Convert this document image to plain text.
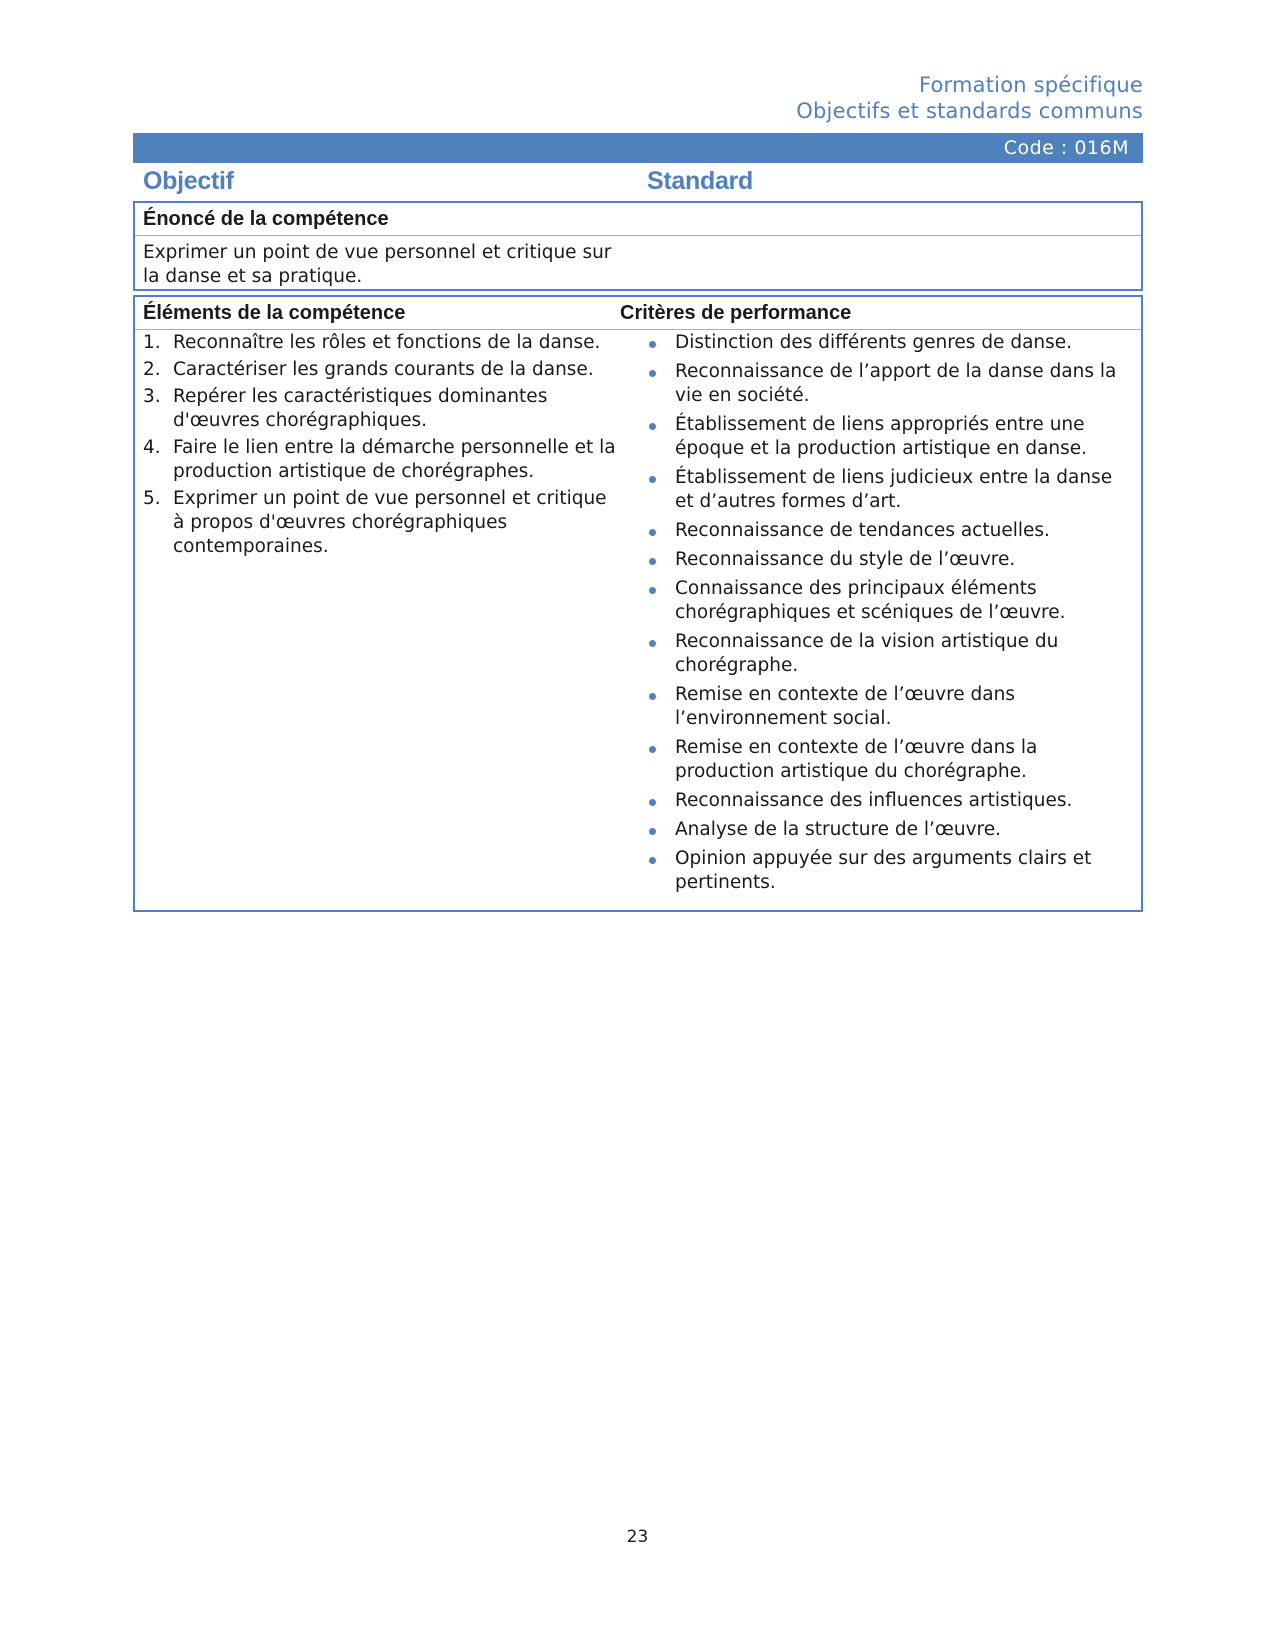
Formation spécifique
Objectifs et standards communs
Code : 016M
Objectif	Standard
Énoncé de la compétence
Exprimer un point de vue personnel et critique sur la danse et sa pratique.
Éléments de la compétence	Critères de performance
1. Reconnaître les rôles et fonctions de la danse.
2. Caractériser les grands courants de la danse.
3. Repérer les caractéristiques dominantes d'œuvres chorégraphiques.
4. Faire le lien entre la démarche personnelle et la production artistique de chorégraphes.
5. Exprimer un point de vue personnel et critique à propos d'œuvres chorégraphiques contemporaines.
Distinction des différents genres de danse.
Reconnaissance de l’apport de la danse dans la vie en société.
Établissement de liens appropriés entre une époque et la production artistique en danse.
Établissement de liens judicieux entre la danse et d’autres formes d’art.
Reconnaissance de tendances actuelles.
Reconnaissance du style de l’œuvre.
Connaissance des principaux éléments chorégraphiques et scéniques de l’œuvre.
Reconnaissance de la vision artistique du chorégraphe.
Remise en contexte de l’œuvre dans l’environnement social.
Remise en contexte de l’œuvre dans la production artistique du chorégraphe.
Reconnaissance des influences artistiques.
Analyse de la structure de l’œuvre.
Opinion appuyée sur des arguments clairs et pertinents.
23
